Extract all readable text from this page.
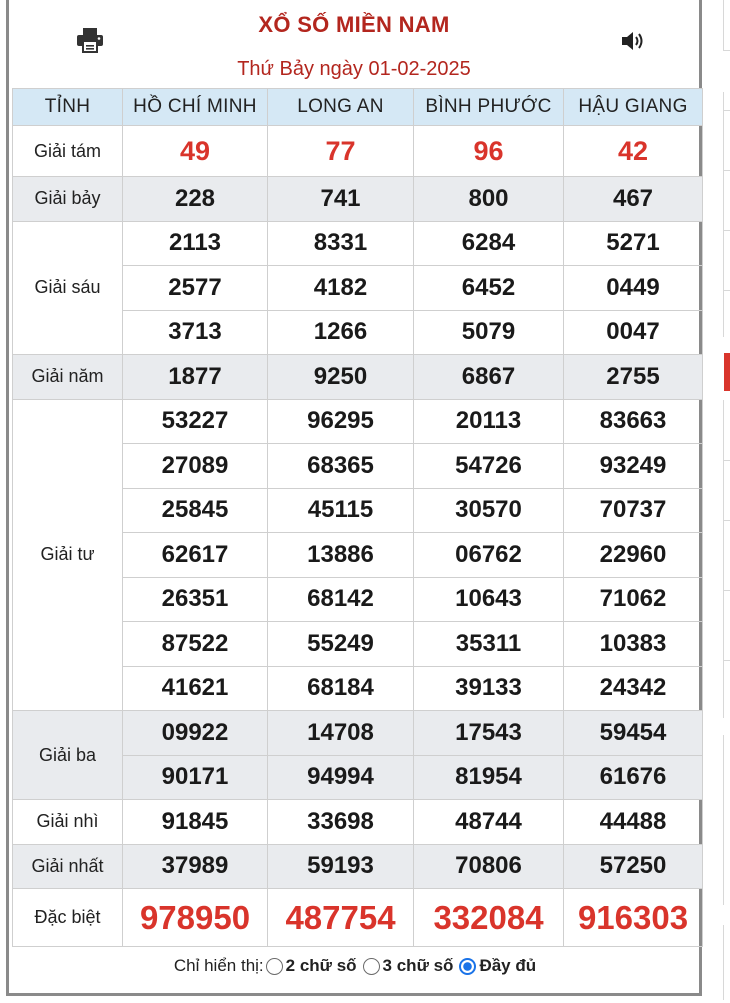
XỔ SỐ MIỀN NAM
Thứ Bảy ngày 01-02-2025
TỈNH	HỒ CHÍ MINH	LONG AN	BÌNH PHƯỚC	HẬU GIANG
Giải tám	49	77	96	42
Giải bảy	228	741	800	467
Giải sáu	2113	8331	6284	5271
	2577	4182	6452	0449
	3713	1266	5079	0047
Giải năm	1877	9250	6867	2755
Giải tư	53227	96295	20113	83663
	27089	68365	54726	93249
	25845	45115	30570	70737
	62617	13886	06762	22960
	26351	68142	10643	71062
	87522	55249	35311	10383
	41621	68184	39133	24342
Giải ba	09922	14708	17543	59454
	90171	94994	81954	61676
Giải nhì	91845	33698	48744	44488
Giải nhất	37989	59193	70806	57250
Đặc biệt	978950	487754	332084	916303
Chỉ hiển thị: 2 chữ số 3 chữ số Đầy đủ
